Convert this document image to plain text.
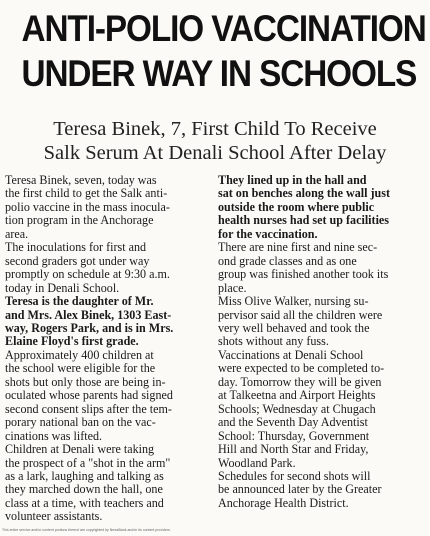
ANTI-POLIO VACCINATION
UNDER WAY IN SCHOOLS
Teresa Binek, 7, First Child To Receive
Salk Serum At Denali School After Delay
Teresa Binek, seven, today was
the first child to get the Salk anti-
polio vaccine in the mass inocula-
tion program in the Anchorage
area.
The inoculations for first and
second graders got under way
promptly on schedule at 9:30 a.m.
today in Denali School.
Teresa is the daughter of Mr.
and Mrs. Alex Binek, 1303 East-
way, Rogers Park, and is in Mrs.
Elaine Floyd's first grade.
Approximately 400 children at
the school were eligible for the
shots but only those are being in-
oculated whose parents had signed
second consent slips after the tem-
porary national ban on the vac-
cinations was lifted.
Children at Denali were taking
the prospect of a "shot in the arm"
as a lark, laughing and talking as
they marched down the hall, one
class at a time, with teachers and
volunteer assistants.
They lined up in the hall and
sat on benches along the wall just
outside the room where public
health nurses had set up facilities
for the vaccination.
There are nine first and nine sec-
ond grade classes and as one
group was finished another took its
place.
Miss Olive Walker, nursing su-
pervisor said all the children were
very well behaved and took the
shots without any fuss.
Vaccinations at Denali School
were expected to be completed to-
day. Tomorrow they will be given
at Talkeetna and Airport Heights
Schools; Wednesday at Chugach
and the Seventh Day Adventist
School: Thursday, Government
Hill and North Star and Friday,
Woodland Park.
Schedules for second shots will
be announced later by the Greater
Anchorage Health District.
This entire service and/or content portions thereof are copyrighted by NewsBank and/or its content providers.
